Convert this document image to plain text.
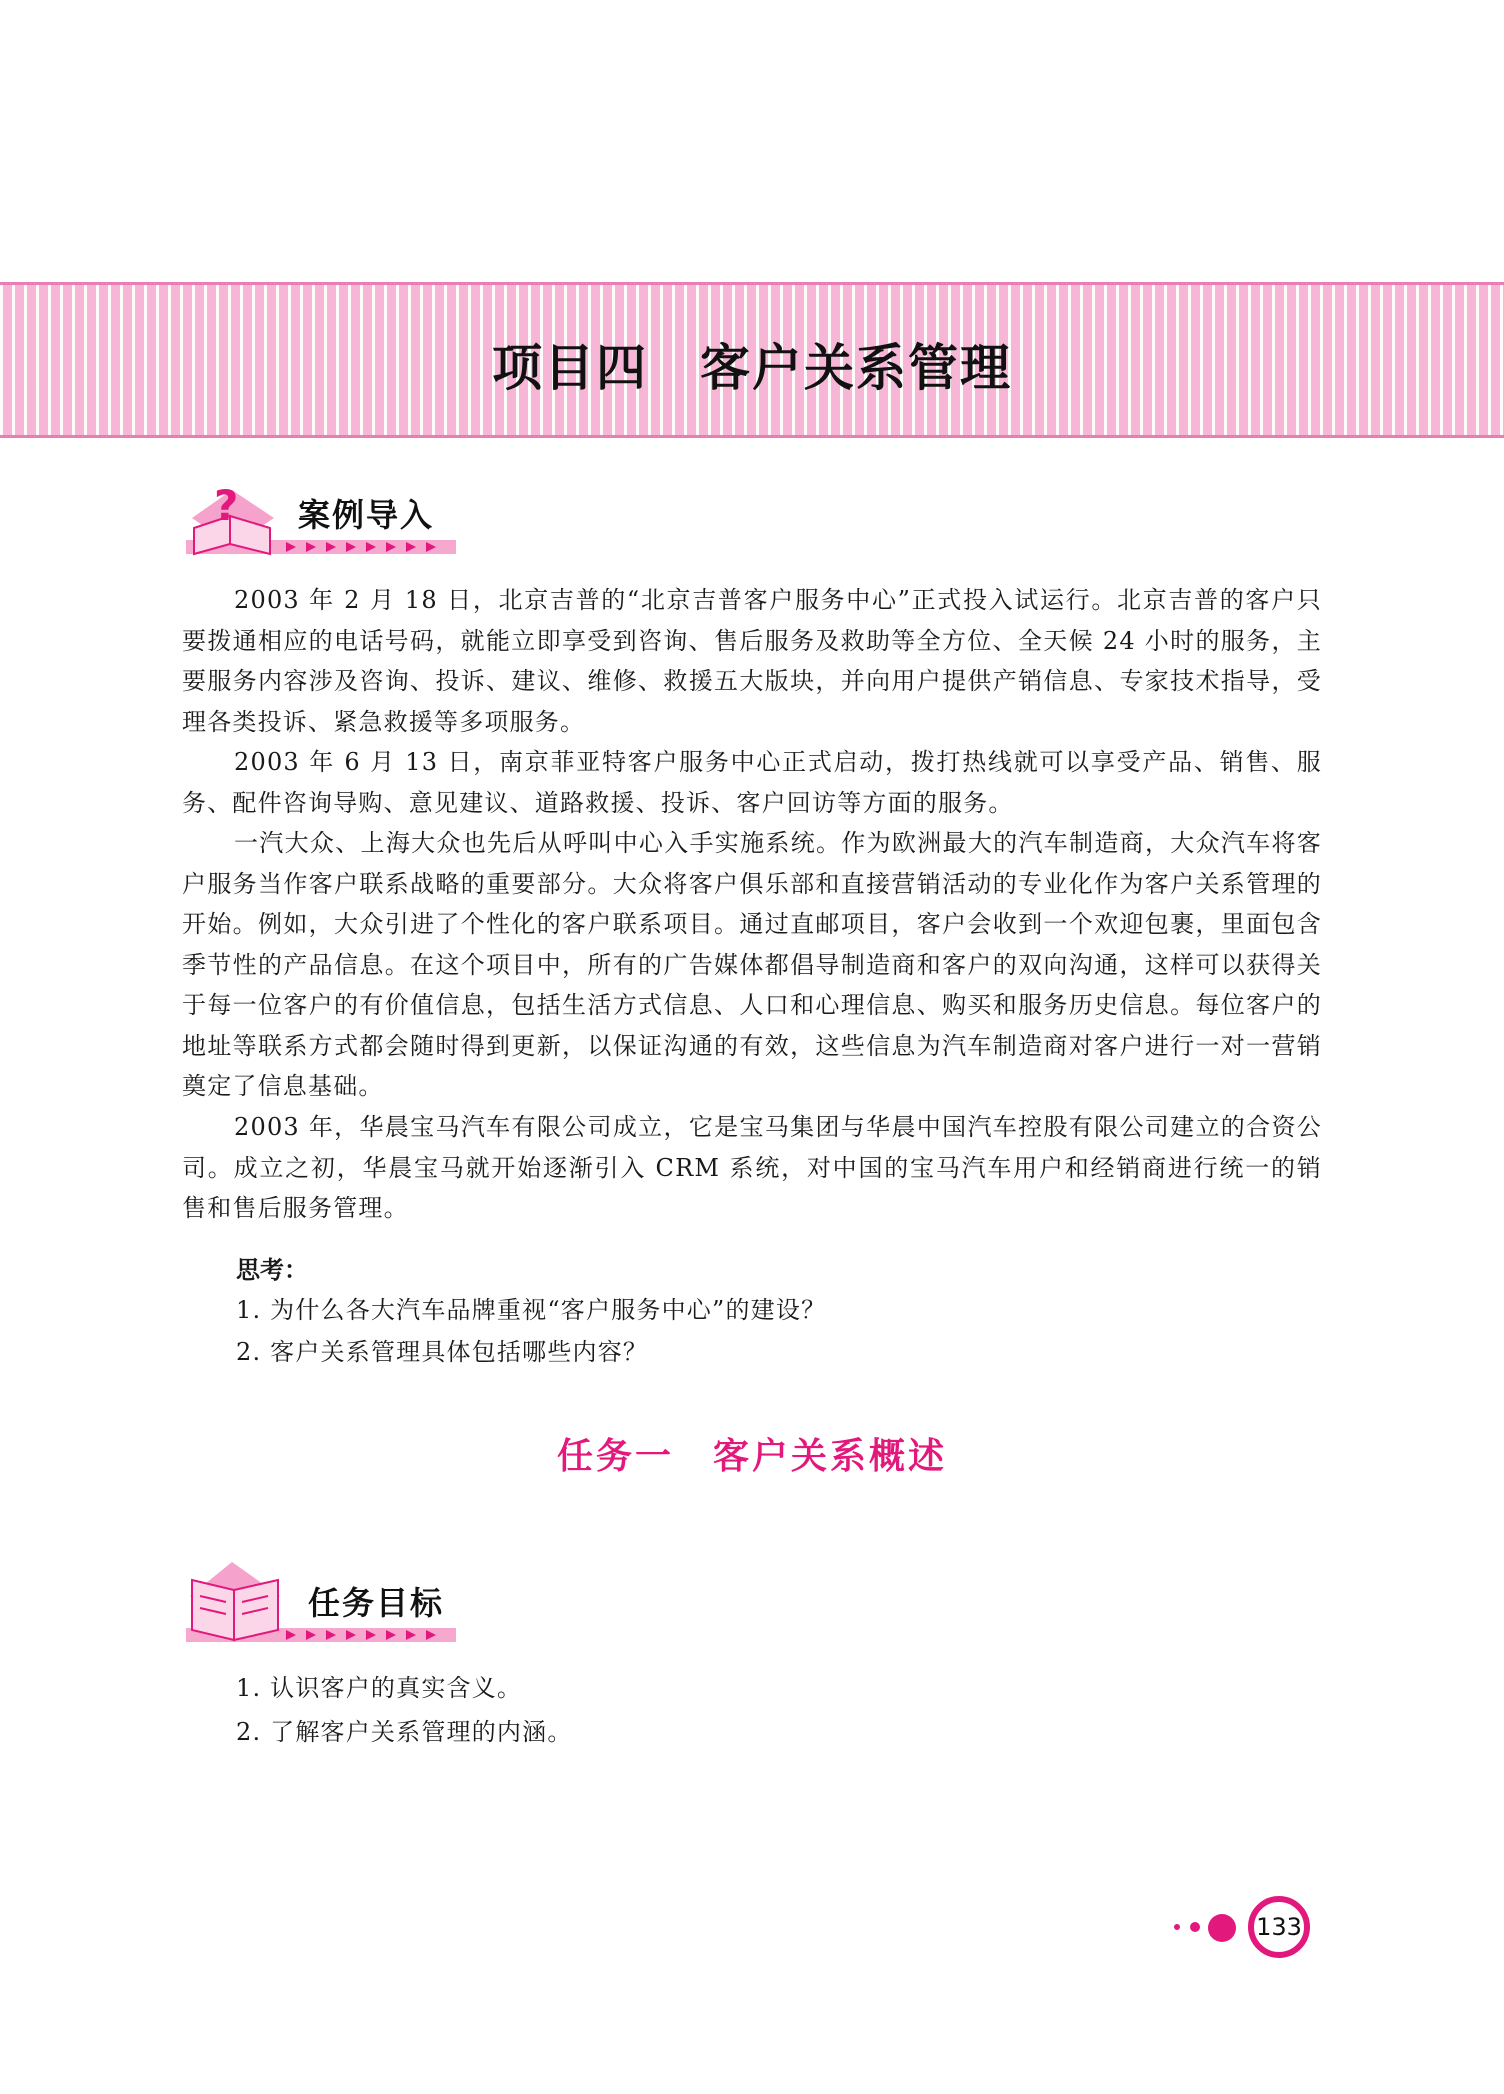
项目四　客户关系管理
? 案例导入

2003 年 2 月 18 日，北京吉普的“北京吉普客户服务中心”正式投入试运行。北京吉普的客户只要拨通相应的电话号码，就能立即享受到咨询、售后服务及救助等全方位、全天候 24 小时的服务，主要服务内容涉及咨询、投诉、建议、维修、救援五大版块，并向用户提供产销信息、专家技术指导，受理各类投诉、紧急救援等多项服务。

2003 年 6 月 13 日，南京菲亚特客户服务中心正式启动，拨打热线就可以享受产品、销售、服务、配件咨询导购、意见建议、道路救援、投诉、客户回访等方面的服务。

一汽大众、上海大众也先后从呼叫中心入手实施系统。作为欧洲最大的汽车制造商，大众汽车将客户服务当作客户联系战略的重要部分。大众将客户俱乐部和直接营销活动的专业化作为客户关系管理的开始。例如，大众引进了个性化的客户联系项目。通过直邮项目，客户会收到一个欢迎包裹，里面包含季节性的产品信息。在这个项目中，所有的广告媒体都倡导制造商和客户的双向沟通，这样可以获得关于每一位客户的有价值信息，包括生活方式信息、人口和心理信息、购买和服务历史信息。每位客户的地址等联系方式都会随时得到更新，以保证沟通的有效，这些信息为汽车制造商对客户进行一对一营销奠定了信息基础。

2003 年，华晨宝马汽车有限公司成立，它是宝马集团与华晨中国汽车控股有限公司建立的合资公司。成立之初，华晨宝马就开始逐渐引入 CRM 系统，对中国的宝马汽车用户和经销商进行统一的销售和售后服务管理。

思考：
1. 为什么各大汽车品牌重视“客户服务中心”的建设？
2. 客户关系管理具体包括哪些内容？
任务一　客户关系概述
任务目标
1. 认识客户的真实含义。
2. 了解客户关系管理的内涵。
133
